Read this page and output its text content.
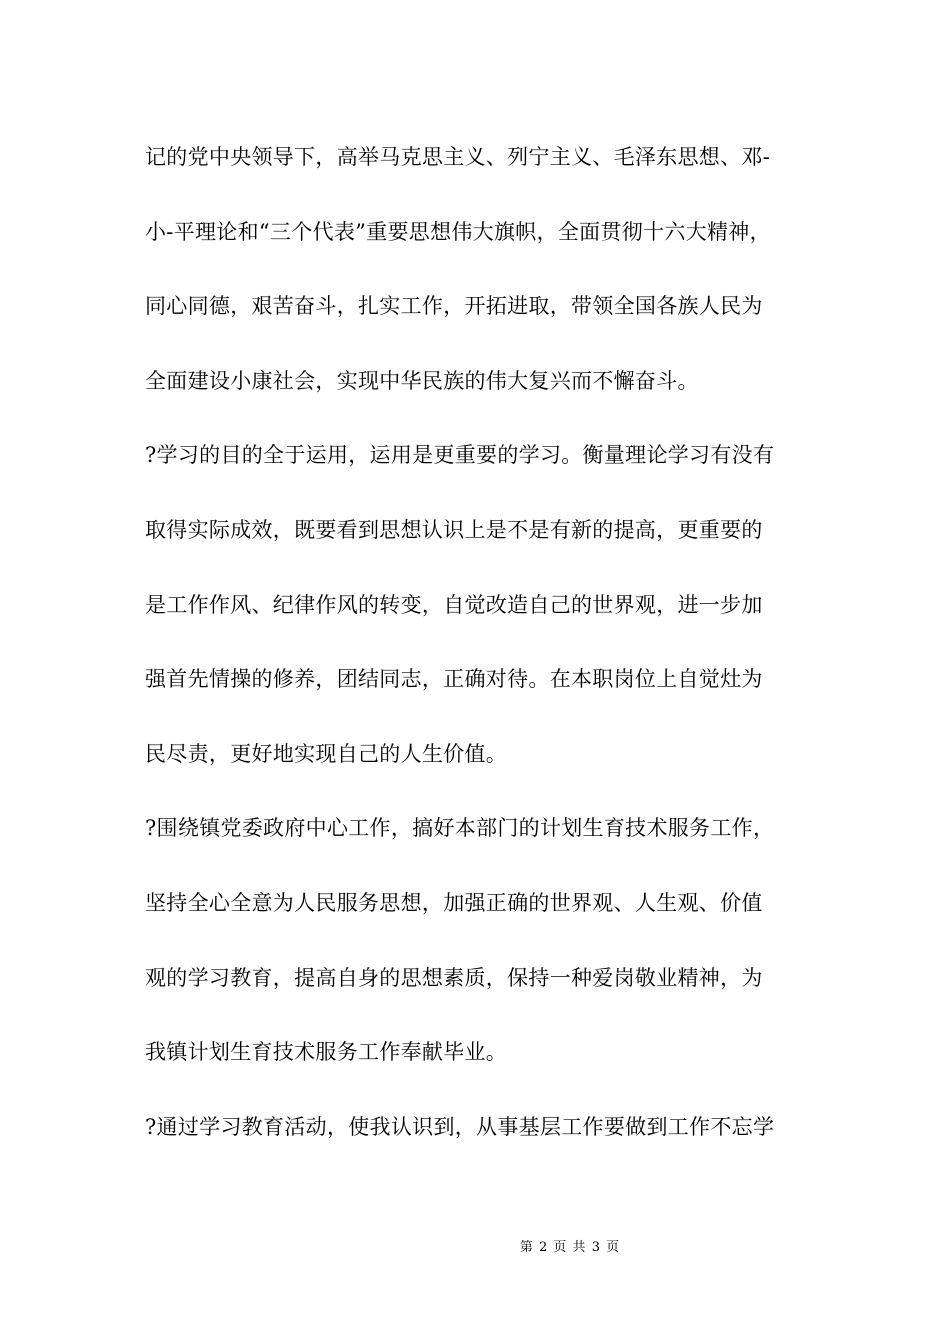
记的党中央领导下，高举马克思主义、列宁主义、毛泽东思想、邓-
小-平理论和“三个代表”重要思想伟大旗帜，全面贯彻十六大精神，
同心同德，艰苦奋斗，扎实工作，开拓进取，带领全国各族人民为
全面建设小康社会，实现中华民族的伟大复兴而不懈奋斗。
?学习的目的全于运用，运用是更重要的学习。衡量理论学习有没有
取得实际成效，既要看到思想认识上是不是有新的提高，更重要的
是工作作风、纪律作风的转变，自觉改造自己的世界观，进一步加
强首先情操的修养，团结同志，正确对待。在本职岗位上自觉灶为
民尽责，更好地实现自己的人生价值。
?围绕镇党委政府中心工作，搞好本部门的计划生育技术服务工作，
坚持全心全意为人民服务思想，加强正确的世界观、人生观、价值
观的学习教育，提高自身的思想素质，保持一种爱岗敬业精神，为
我镇计划生育技术服务工作奉献毕业。
?通过学习教育活动，使我认识到，从事基层工作要做到工作不忘学
第 2 页 共 3 页
